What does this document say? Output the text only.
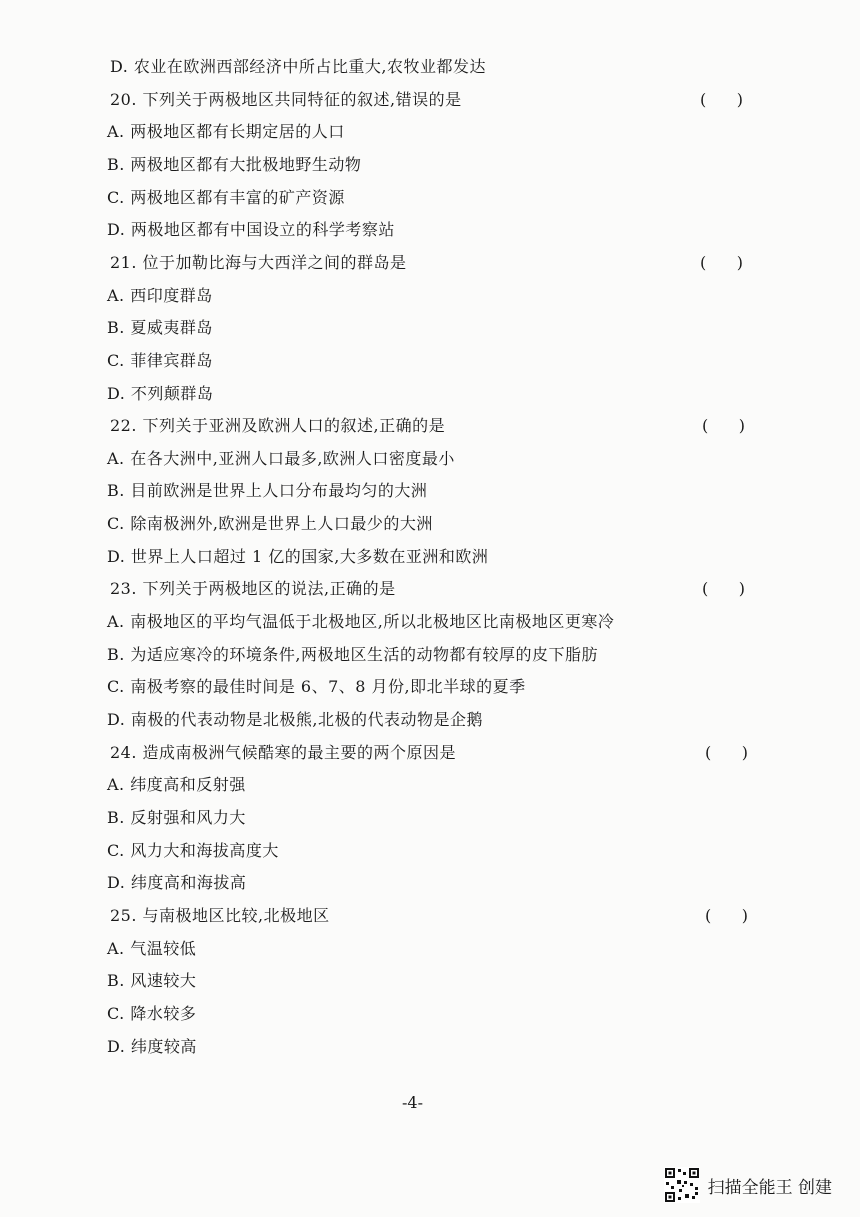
D. 农业在欧洲西部经济中所占比重大,农牧业都发达
20. 下列关于两极地区共同特征的叙述,错误的是	(      )
A. 两极地区都有长期定居的人口
B. 两极地区都有大批极地野生动物
C. 两极地区都有丰富的矿产资源
D. 两极地区都有中国设立的科学考察站
21. 位于加勒比海与大西洋之间的群岛是	(      )
A. 西印度群岛
B. 夏威夷群岛
C. 菲律宾群岛
D. 不列颠群岛
22. 下列关于亚洲及欧洲人口的叙述,正确的是	(      )
A. 在各大洲中,亚洲人口最多,欧洲人口密度最小
B. 目前欧洲是世界上人口分布最均匀的大洲
C. 除南极洲外,欧洲是世界上人口最少的大洲
D. 世界上人口超过 1 亿的国家,大多数在亚洲和欧洲
23. 下列关于两极地区的说法,正确的是	(      )
A. 南极地区的平均气温低于北极地区,所以北极地区比南极地区更寒冷
B. 为适应寒冷的环境条件,两极地区生活的动物都有较厚的皮下脂肪
C. 南极考察的最佳时间是 6、7、8 月份,即北半球的夏季
D. 南极的代表动物是北极熊,北极的代表动物是企鹅
24. 造成南极洲气候酷寒的最主要的两个原因是	(      )
A. 纬度高和反射强
B. 反射强和风力大
C. 风力大和海拔高度大
D. 纬度高和海拔高
25. 与南极地区比较,北极地区	(      )
A. 气温较低
B. 风速较大
C. 降水较多
D. 纬度较高
-4-
扫描全能王 创建
